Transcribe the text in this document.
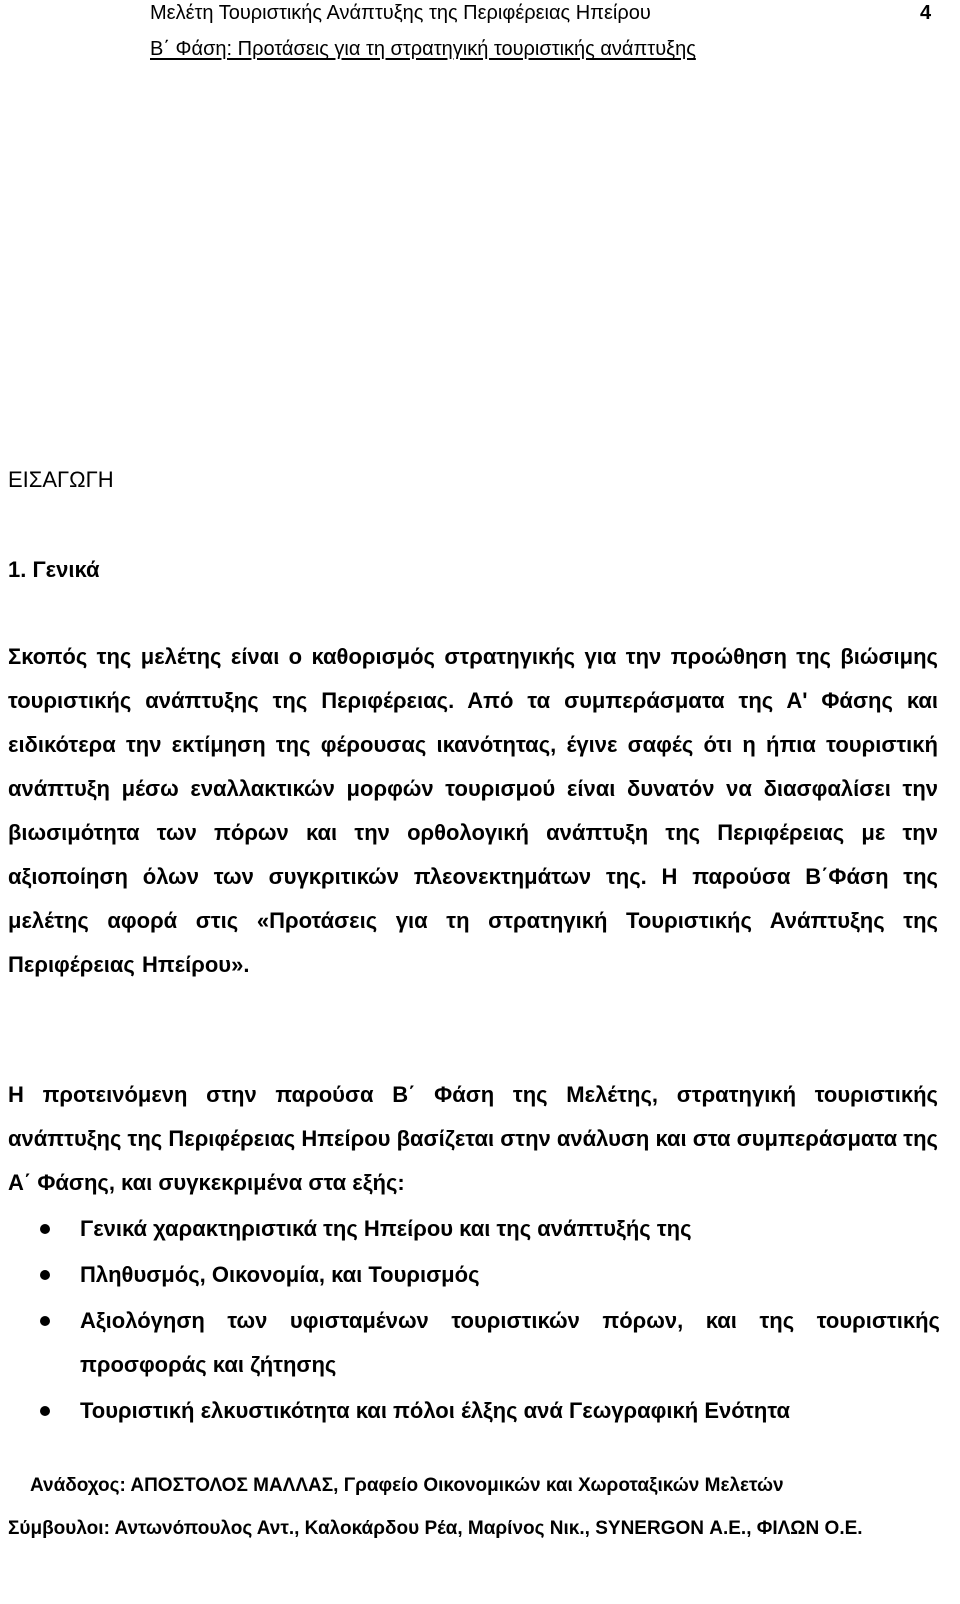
Μελέτη Τουριστικής Ανάπτυξης της Περιφέρειας Ηπείρου	4
Β΄ Φάση: Προτάσεις για τη στρατηγική τουριστικής ανάπτυξης
ΕΙΣΑΓΩΓΗ
1. Γενικά
Σκοπός της μελέτης είναι ο καθορισμός στρατηγικής για την προώθηση της βιώσιμης τουριστικής ανάπτυξης της Περιφέρειας. Από τα συμπεράσματα της Α' Φάσης και ειδικότερα την εκτίμηση της φέρουσας ικανότητας, έγινε σαφές ότι η ήπια τουριστική ανάπτυξη μέσω εναλλακτικών μορφών τουρισμού είναι δυνατόν να διασφαλίσει την βιωσιμότητα των πόρων και την ορθολογική ανάπτυξη της Περιφέρειας με την αξιοποίηση όλων των συγκριτικών πλεονεκτημάτων της. Η παρούσα Β΄Φάση της μελέτης αφορά στις «Προτάσεις για τη στρατηγική Τουριστικής Ανάπτυξης της Περιφέρειας Ηπείρου».
Η προτεινόμενη στην παρούσα Β΄ Φάση της Μελέτης, στρατηγική τουριστικής ανάπτυξης της Περιφέρειας Ηπείρου βασίζεται στην ανάλυση και στα συμπεράσματα της Α΄ Φάσης, και συγκεκριμένα στα εξής:
Γενικά χαρακτηριστικά της Ηπείρου και της ανάπτυξής της
Πληθυσμός, Οικονομία, και Τουρισμός
Αξιολόγηση των υφισταμένων τουριστικών πόρων, και της τουριστικής προσφοράς και ζήτησης
Τουριστική ελκυστικότητα και πόλοι έλξης ανά Γεωγραφική Ενότητα
Ανάδοχος: ΑΠΟΣΤΟΛΟΣ ΜΑΛΛΑΣ, Γραφείο Οικονομικών και Χωροταξικών Μελετών
Σύμβουλοι: Αντωνόπουλος Αντ., Καλοκάρδου Ρέα, Μαρίνος Νικ., SYNERGON Α.Ε., ΦΙΛΩΝ Ο.Ε.
